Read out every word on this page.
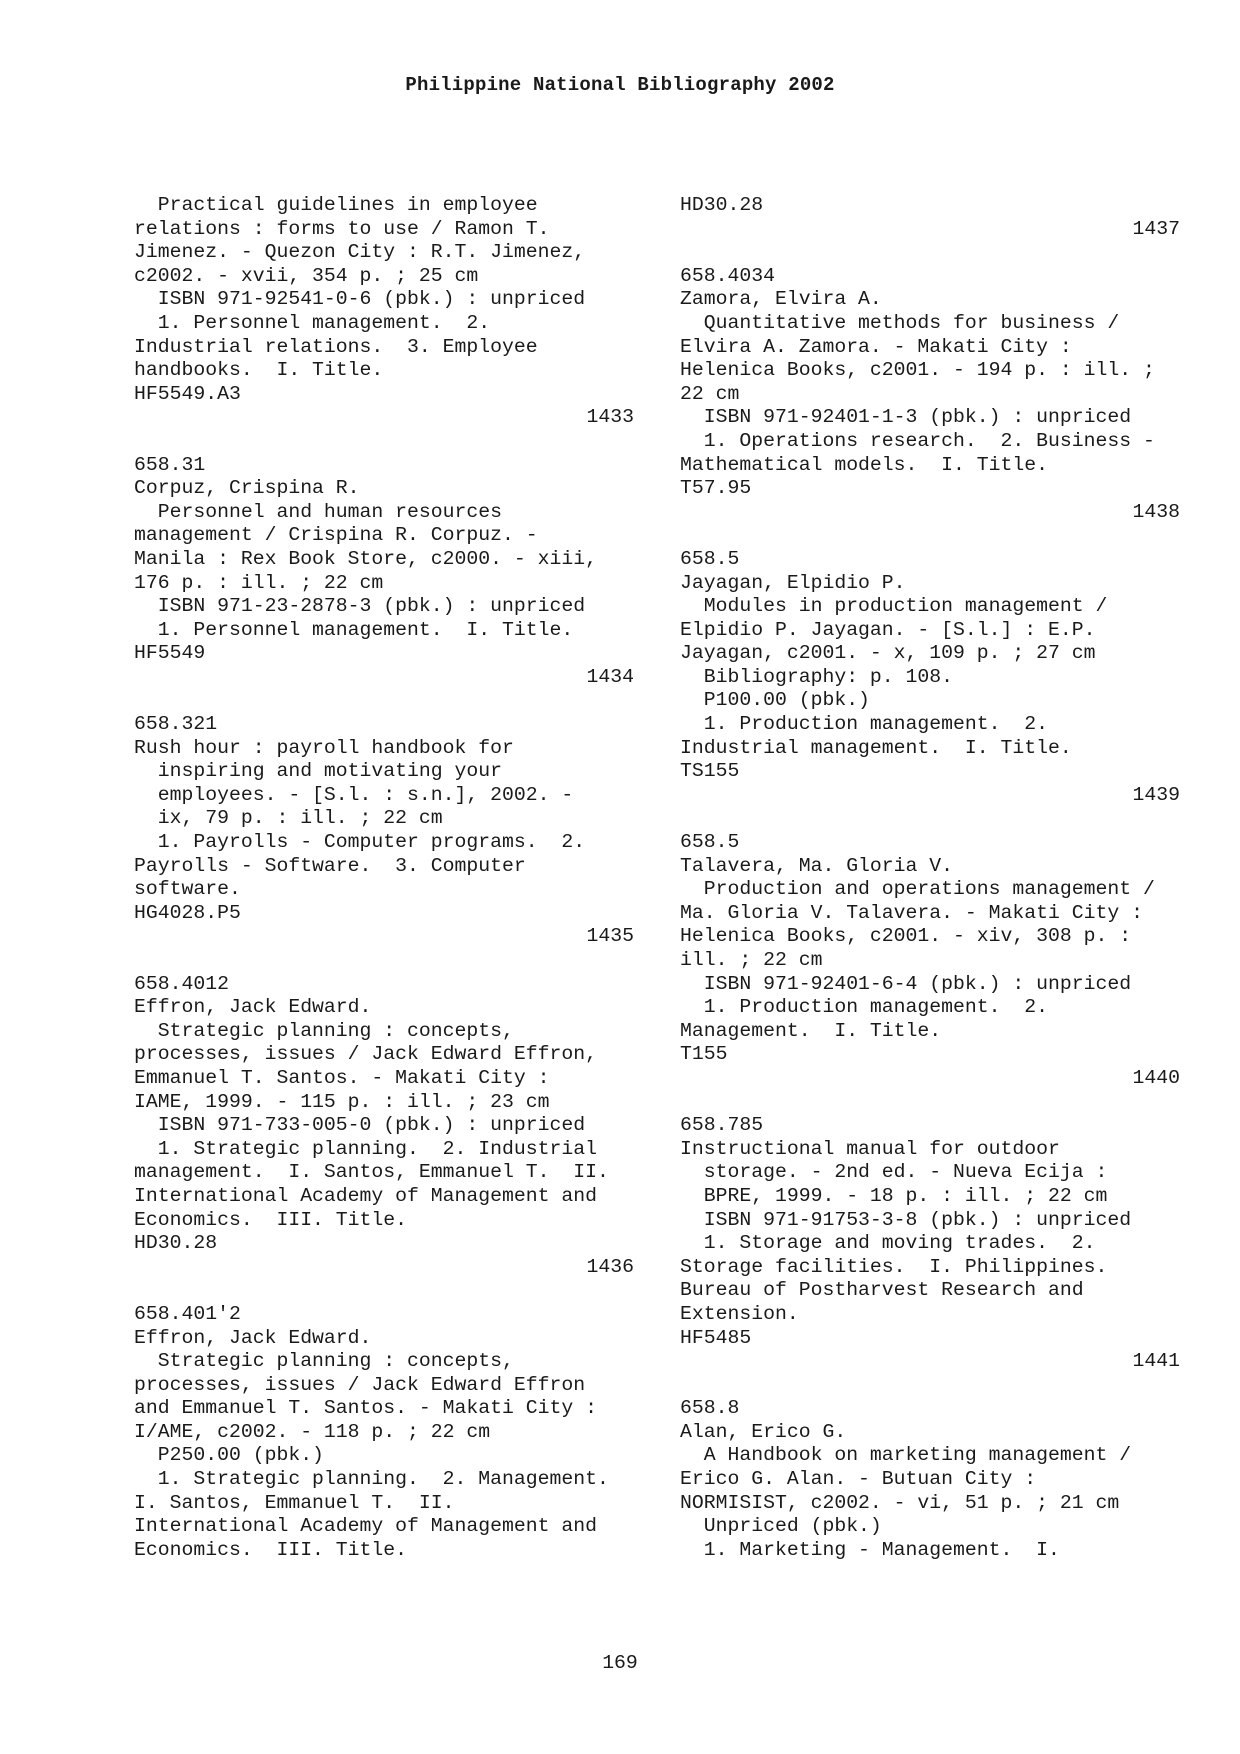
Philippine National Bibliography 2002
Practical guidelines in employee
relations : forms to use / Ramon T.
Jimenez. - Quezon City : R.T. Jimenez,
c2002. - xvii, 354 p. ; 25 cm
ISBN 971-92541-0-6 (pbk.) : unpriced
1. Personnel management.  2.
Industrial relations.  3. Employee
handbooks.  I. Title.
HF5549.A3
1433
658.31
Corpuz, Crispina R.
Personnel and human resources
management / Crispina R. Corpuz. -
Manila : Rex Book Store, c2000. - xiii,
176 p. : ill. ; 22 cm
ISBN 971-23-2878-3 (pbk.) : unpriced
1. Personnel management.  I. Title.
HF5549
1434
658.321
Rush hour : payroll handbook for
inspiring and motivating your
employees. - [S.l. : s.n.], 2002. -
ix, 79 p. : ill. ; 22 cm
1. Payrolls - Computer programs.  2.
Payrolls - Software.  3. Computer
software.
HG4028.P5
1435
658.4012
Effron, Jack Edward.
Strategic planning : concepts,
processes, issues / Jack Edward Effron,
Emmanuel T. Santos. - Makati City :
IAME, 1999. - 115 p. : ill. ; 23 cm
ISBN 971-733-005-0 (pbk.) : unpriced
1. Strategic planning.  2. Industrial
management.  I. Santos, Emmanuel T.  II.
International Academy of Management and
Economics.  III. Title.
HD30.28
1436
658.401'2
Effron, Jack Edward.
Strategic planning : concepts,
processes, issues / Jack Edward Effron
and Emmanuel T. Santos. - Makati City :
I/AME, c2002. - 118 p. ; 22 cm
P250.00 (pbk.)
1. Strategic planning.  2. Management.
I. Santos, Emmanuel T.  II.
International Academy of Management and
Economics.  III. Title.
HD30.28
1437
658.4034
Zamora, Elvira A.
Quantitative methods for business /
Elvira A. Zamora. - Makati City :
Helenica Books, c2001. - 194 p. : ill. ;
22 cm
ISBN 971-92401-1-3 (pbk.) : unpriced
1. Operations research.  2. Business -
Mathematical models.  I. Title.
T57.95
1438
658.5
Jayagan, Elpidio P.
Modules in production management /
Elpidio P. Jayagan. - [S.l.] : E.P.
Jayagan, c2001. - x, 109 p. ; 27 cm
Bibliography: p. 108.
P100.00 (pbk.)
1. Production management.  2.
Industrial management.  I. Title.
TS155
1439
658.5
Talavera, Ma. Gloria V.
Production and operations management /
Ma. Gloria V. Talavera. - Makati City :
Helenica Books, c2001. - xiv, 308 p. :
ill. ; 22 cm
ISBN 971-92401-6-4 (pbk.) : unpriced
1. Production management.  2.
Management.  I. Title.
T155
1440
658.785
Instructional manual for outdoor
storage. - 2nd ed. - Nueva Ecija :
BPRE, 1999. - 18 p. : ill. ; 22 cm
ISBN 971-91753-3-8 (pbk.) : unpriced
1. Storage and moving trades.  2.
Storage facilities.  I. Philippines.
Bureau of Postharvest Research and
Extension.
HF5485
1441
658.8
Alan, Erico G.
A Handbook on marketing management /
Erico G. Alan. - Butuan City :
NORMISIST, c2002. - vi, 51 p. ; 21 cm
Unpriced (pbk.)
1. Marketing - Management.  I.
169
